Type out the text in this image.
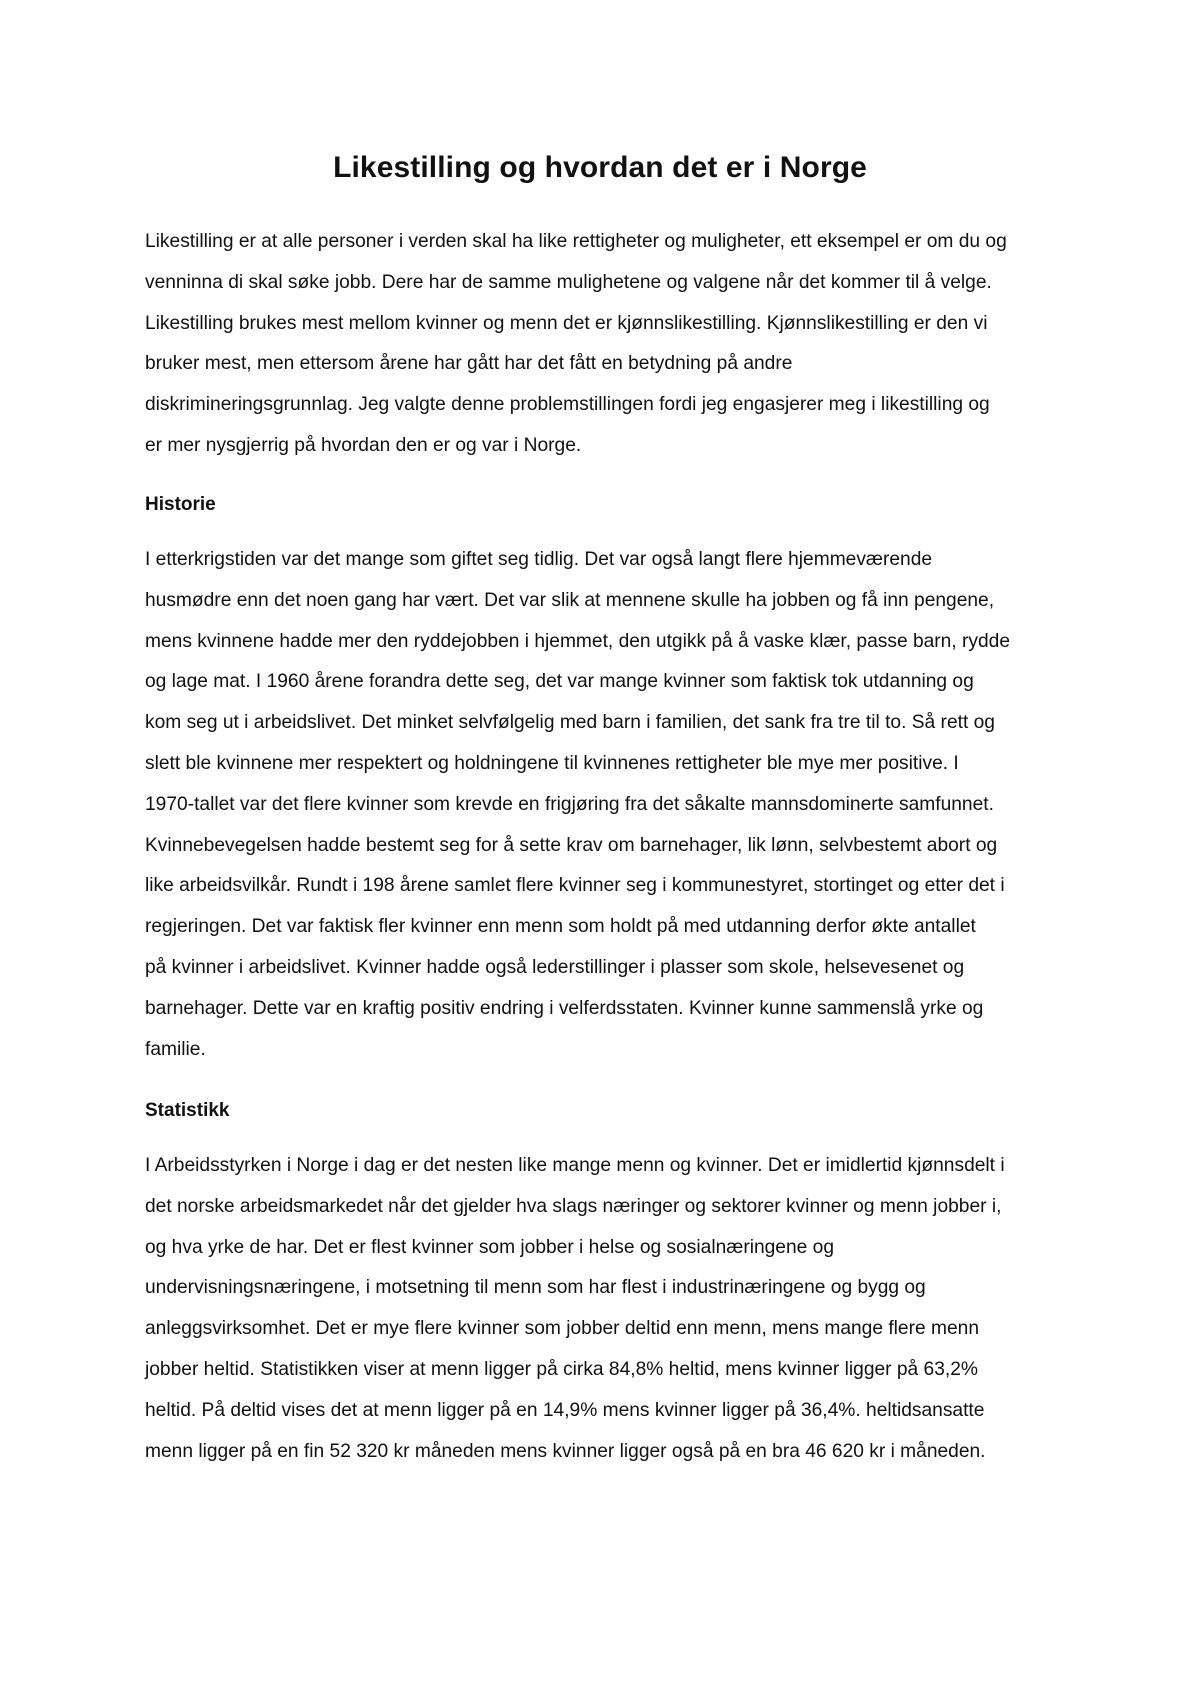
Likestilling og hvordan det er i Norge
Likestilling er at alle personer i verden skal ha like rettigheter og muligheter, ett eksempel er om du og
venninna di skal søke jobb. Dere har de samme mulighetene og valgene når det kommer til å velge.
Likestilling brukes mest mellom kvinner og menn det er kjønnslikestilling. Kjønnslikestilling er den vi
bruker mest, men ettersom årene har gått har det fått en betydning på andre
diskrimineringsgrunnlag. Jeg valgte denne problemstillingen fordi jeg engasjerer meg i likestilling og
er mer nysgjerrig på hvordan den er og var i Norge.
Historie
I etterkrigstiden var det mange som giftet seg tidlig. Det var også langt flere hjemmeværende
husmødre enn det noen gang har vært. Det var slik at mennene skulle ha jobben og få inn pengene,
mens kvinnene hadde mer den ryddejobben i hjemmet, den utgikk på å vaske klær, passe barn, rydde
og lage mat. I 1960 årene forandra dette seg, det var mange kvinner som faktisk tok utdanning og
kom seg ut i arbeidslivet. Det minket selvfølgelig med barn i familien, det sank fra tre til to. Så rett og
slett ble kvinnene mer respektert og holdningene til kvinnenes rettigheter ble mye mer positive. I
1970-tallet var det flere kvinner som krevde en frigjøring fra det såkalte mannsdominerte samfunnet.
Kvinnebevegelsen hadde bestemt seg for å sette krav om barnehager, lik lønn, selvbestemt abort og
like arbeidsvilkår. Rundt i 198 årene samlet flere kvinner seg i kommunestyret, stortinget og etter det i
regjeringen. Det var faktisk fler kvinner enn menn som holdt på med utdanning derfor økte antallet
på kvinner i arbeidslivet. Kvinner hadde også lederstillinger i plasser som skole, helsevesenet og
barnehager. Dette var en kraftig positiv endring i velferdsstaten. Kvinner kunne sammenslå yrke og
familie.
Statistikk
I Arbeidsstyrken i Norge i dag er det nesten like mange menn og kvinner. Det er imidlertid kjønnsdelt i
det norske arbeidsmarkedet når det gjelder hva slags næringer og sektorer kvinner og menn jobber i,
og hva yrke de har. Det er flest kvinner som jobber i helse og sosialnæringene og
undervisningsnæringene, i motsetning til menn som har flest i industrinæringene og bygg og
anleggsvirksomhet. Det er mye flere kvinner som jobber deltid enn menn, mens mange flere menn
jobber heltid. Statistikken viser at menn ligger på cirka 84,8% heltid, mens kvinner ligger på 63,2%
heltid. På deltid vises det at menn ligger på en 14,9% mens kvinner ligger på 36,4%. heltidsansatte
menn ligger på en fin 52 320 kr måneden mens kvinner ligger også på en bra 46 620 kr i måneden.
